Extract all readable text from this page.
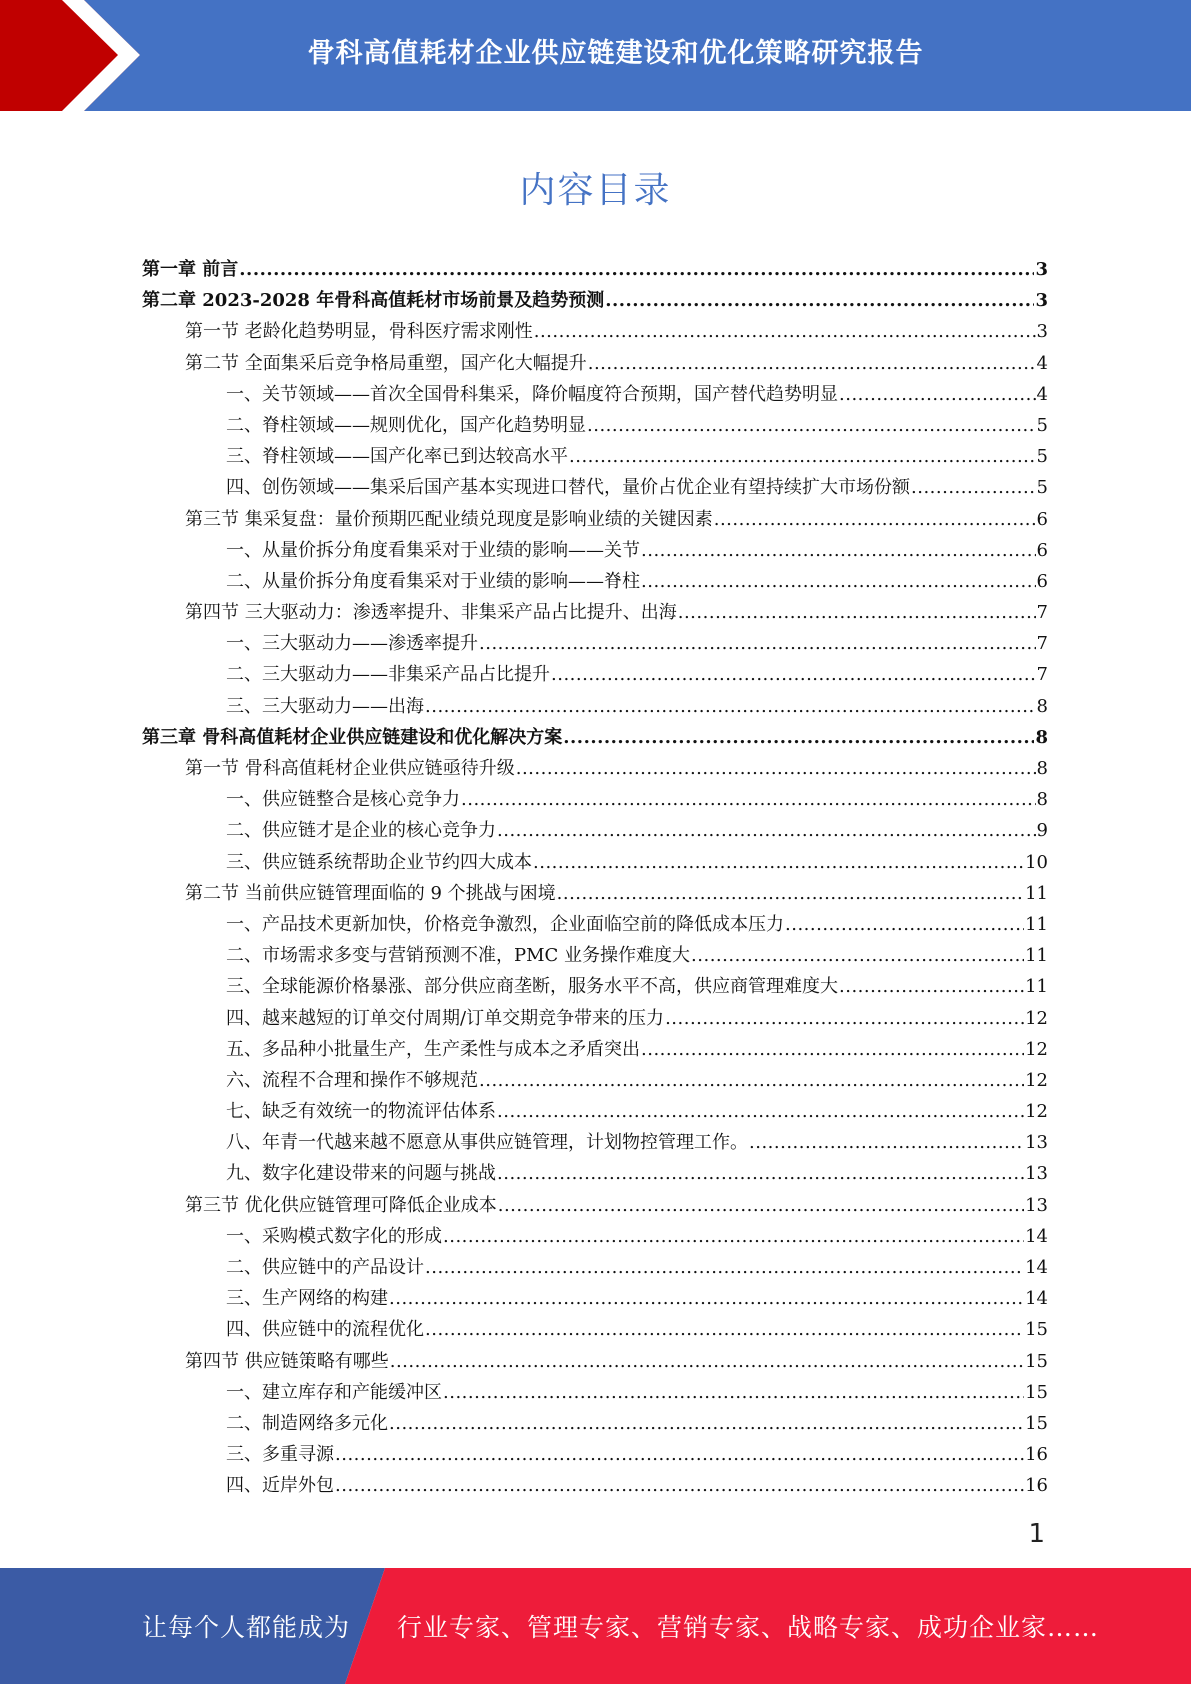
骨科高值耗材企业供应链建设和优化策略研究报告
内容目录
第一章 前言 .....	3
第二章 2023-2028 年骨科高值耗材市场前景及趋势预测 .....	3
第一节 老龄化趋势明显，骨科医疗需求刚性 .....	3
第二节 全面集采后竞争格局重塑，国产化大幅提升 .....	4
一、关节领域——首次全国骨科集采，降价幅度符合预期，国产替代趋势明显 .....	4
二、脊柱领域——规则优化，国产化趋势明显 .....	5
三、脊柱领域——国产化率已到达较高水平 .....	5
四、创伤领域——集采后国产基本实现进口替代，量价占优企业有望持续扩大市场份额 .....	5
第三节 集采复盘：量价预期匹配业绩兑现度是影响业绩的关键因素 .....	6
一、从量价拆分角度看集采对于业绩的影响——关节 .....	6
二、从量价拆分角度看集采对于业绩的影响——脊柱 .....	6
第四节 三大驱动力：渗透率提升、非集采产品占比提升、出海 .....	7
一、三大驱动力——渗透率提升 .....	7
二、三大驱动力——非集采产品占比提升 .....	7
三、三大驱动力——出海 .....	8
第三章 骨科高值耗材企业供应链建设和优化解决方案 .....	8
第一节 骨科高值耗材企业供应链亟待升级 .....	8
一、供应链整合是核心竞争力 .....	8
二、供应链才是企业的核心竞争力 .....	9
三、供应链系统帮助企业节约四大成本 .....	10
第二节 当前供应链管理面临的 9 个挑战与困境 .....	11
一、产品技术更新加快，价格竞争激烈，企业面临空前的降低成本压力 .....	11
二、市场需求多变与营销预测不准，PMC 业务操作难度大 .....	11
三、全球能源价格暴涨、部分供应商垄断，服务水平不高，供应商管理难度大 .....	11
四、越来越短的订单交付周期/订单交期竞争带来的压力 .....	12
五、多品种小批量生产，生产柔性与成本之矛盾突出 .....	12
六、流程不合理和操作不够规范 .....	12
七、缺乏有效统一的物流评估体系 .....	12
八、年青一代越来越不愿意从事供应链管理，计划物控管理工作。 .....	13
九、数字化建设带来的问题与挑战 .....	13
第三节 优化供应链管理可降低企业成本 .....	13
一、采购模式数字化的形成 .....	14
二、供应链中的产品设计 .....	14
三、生产网络的构建 .....	14
四、供应链中的流程优化 .....	15
第四节 供应链策略有哪些 .....	15
一、建立库存和产能缓冲区 .....	15
二、制造网络多元化 .....	15
三、多重寻源 .....	16
四、近岸外包 .....	16
1
让每个人都能成为 行业专家、管理专家、营销专家、战略专家、成功企业家……
